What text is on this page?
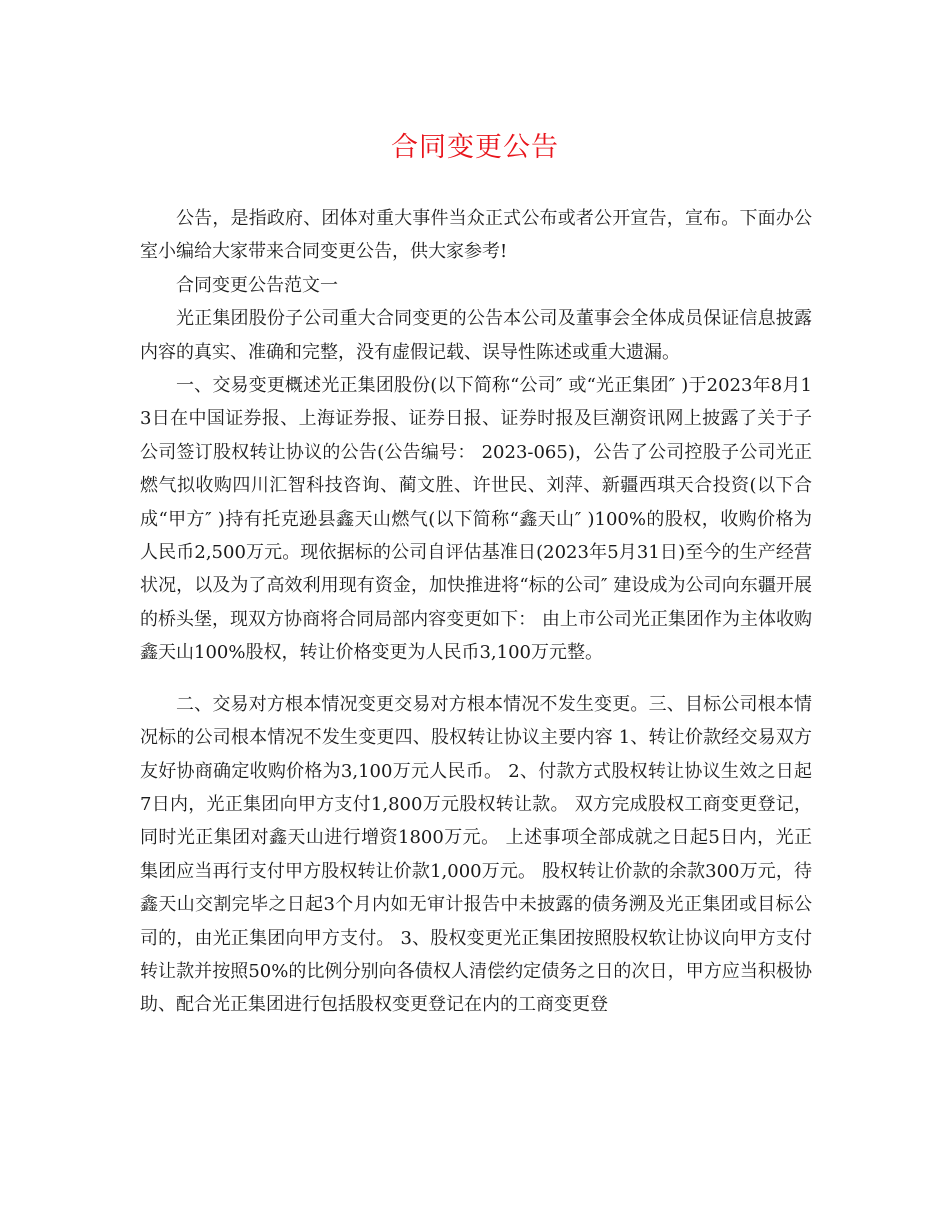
合同变更公告

公告，是指政府、团体对重大事件当众正式公布或者公开宣告，宣布。下面办公室小编给大家带来合同变更公告，供大家参考!

合同变更公告范文一

光正集团股份子公司重大合同变更的公告本公司及董事会全体成员保证信息披露内容的真实、准确和完整，没有虚假记载、误导性陈述或重大遗漏。

一、交易变更概述光正集团股份(以下简称“公司″ 或“光正集团″ )于2023年8月13日在中国证券报、上海证券报、证券日报、证券时报及巨潮资讯网上披露了关于子公司签订股权转让协议的公告(公告编号： 2023-065)，公告了公司控股子公司光正燃气拟收购四川汇智科技咨询、蔺文胜、许世民、刘萍、新疆西琪天合投资(以下合成“甲方″ )持有托克逊县鑫天山燃气(以下简称“鑫天山″ )100%的股权，收购价格为人民币2,500万元。现依据标的公司自评估基准日(2023年5月31日)至今的生产经营状况，以及为了高效利用现有资金，加快推进将“标的公司″ 建设成为公司向东疆开展的桥头堡，现双方协商将合同局部内容变更如下： 由上市公司光正集团作为主体收购鑫天山100%股权，转让价格变更为人民币3,100万元整。

二、交易对方根本情况变更交易对方根本情况不发生变更。三、目标公司根本情况标的公司根本情况不发生变更四、股权转让协议主要内容 1、转让价款经交易双方友好协商确定收购价格为3,100万元人民币。 2、付款方式股权转让协议生效之日起7日内，光正集团向甲方支付1,800万元股权转让款。 双方完成股权工商变更登记，同时光正集团对鑫天山进行增资1800万元。 上述事项全部成就之日起5日内，光正集团应当再行支付甲方股权转让价款1,000万元。 股权转让价款的余款300万元，待鑫天山交割完毕之日起3个月内如无审计报告中未披露的债务溯及光正集团或目标公司的，由光正集团向甲方支付。 3、股权变更光正集团按照股权软让协议向甲方支付转让款并按照50%的比例分别向各债权人清偿约定债务之日的次日，甲方应当积极协助、配合光正集团进行包括股权变更登记在内的工商变更登
